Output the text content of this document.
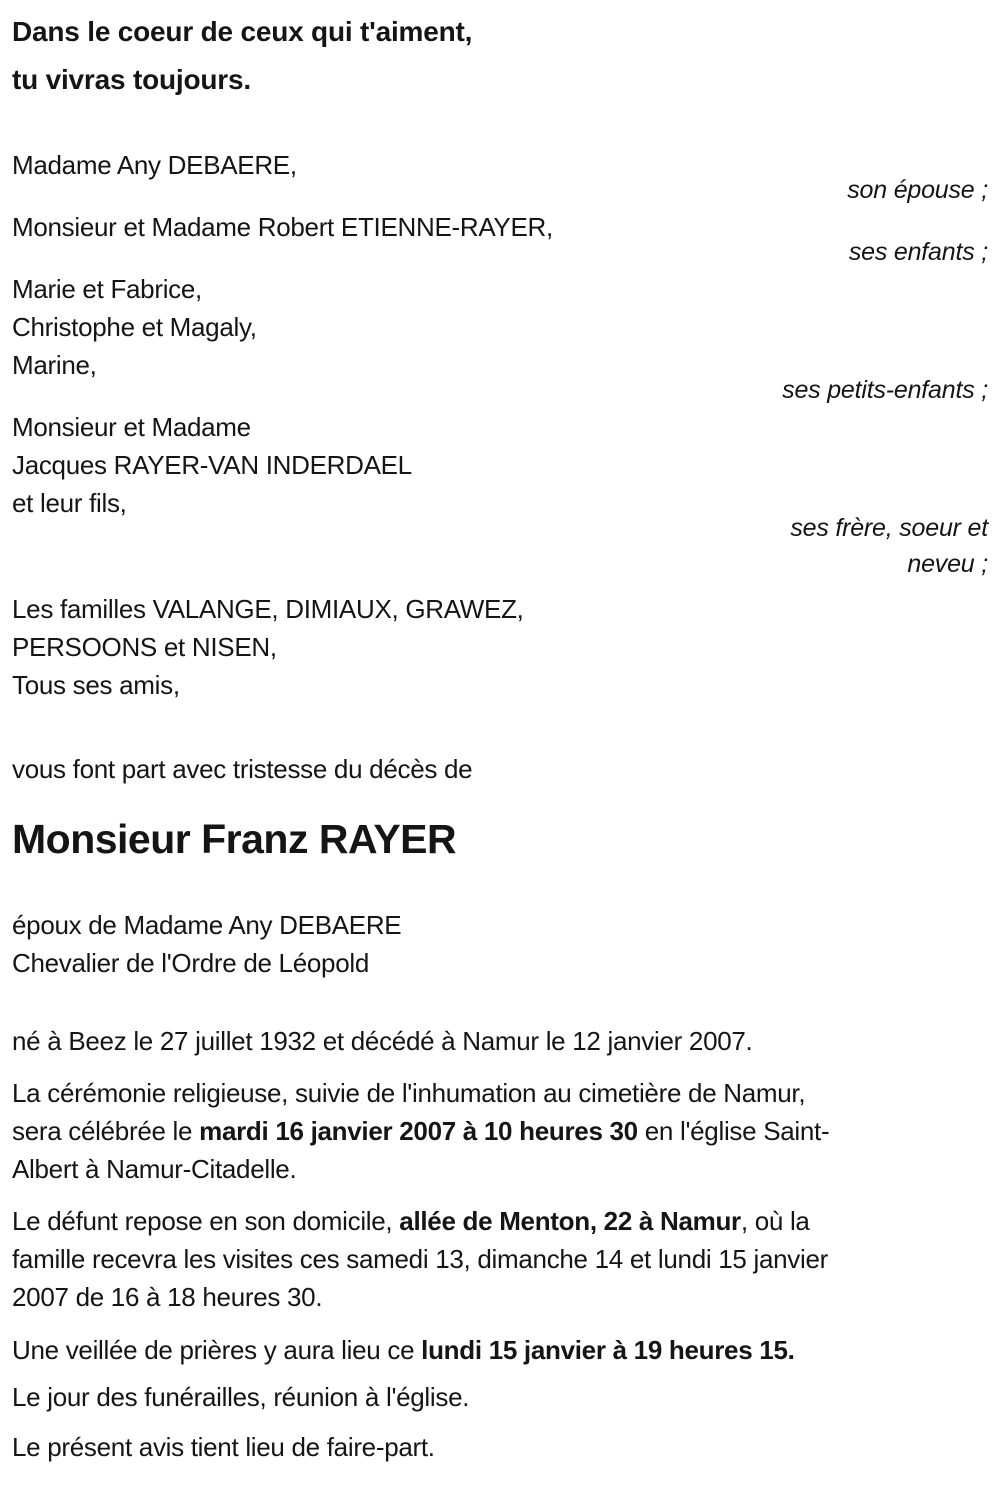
Dans le coeur de ceux qui t'aiment,
tu vivras toujours.
Madame Any DEBAERE,
son épouse ;
Monsieur et Madame Robert ETIENNE-RAYER,
ses enfants ;
Marie et Fabrice,
Christophe et Magaly,
Marine,
ses petits-enfants ;
Monsieur et Madame
Jacques RAYER-VAN INDERDAEL
et leur fils,
ses frère, soeur et
neveu ;
Les familles VALANGE, DIMIAUX, GRAWEZ,
PERSOONS et NISEN,
Tous ses amis,
vous font part avec tristesse du décès de
Monsieur Franz RAYER
époux de Madame Any DEBAERE
Chevalier de l'Ordre de Léopold

né à Beez le 27 juillet 1932 et décédé à Namur le 12 janvier 2007.

La cérémonie religieuse, suivie de l'inhumation au cimetière de Namur,
sera célébrée le mardi 16 janvier 2007 à 10 heures 30 en l'église Saint-
Albert à Namur-Citadelle.

Le défunt repose en son domicile, allée de Menton, 22 à Namur, où la
famille recevra les visites ces samedi 13, dimanche 14 et lundi 15 janvier
2007 de 16 à 18 heures 30.

Une veillée de prières y aura lieu ce lundi 15 janvier à 19 heures 15.

Le jour des funérailles, réunion à l'église.

Le présent avis tient lieu de faire-part.
